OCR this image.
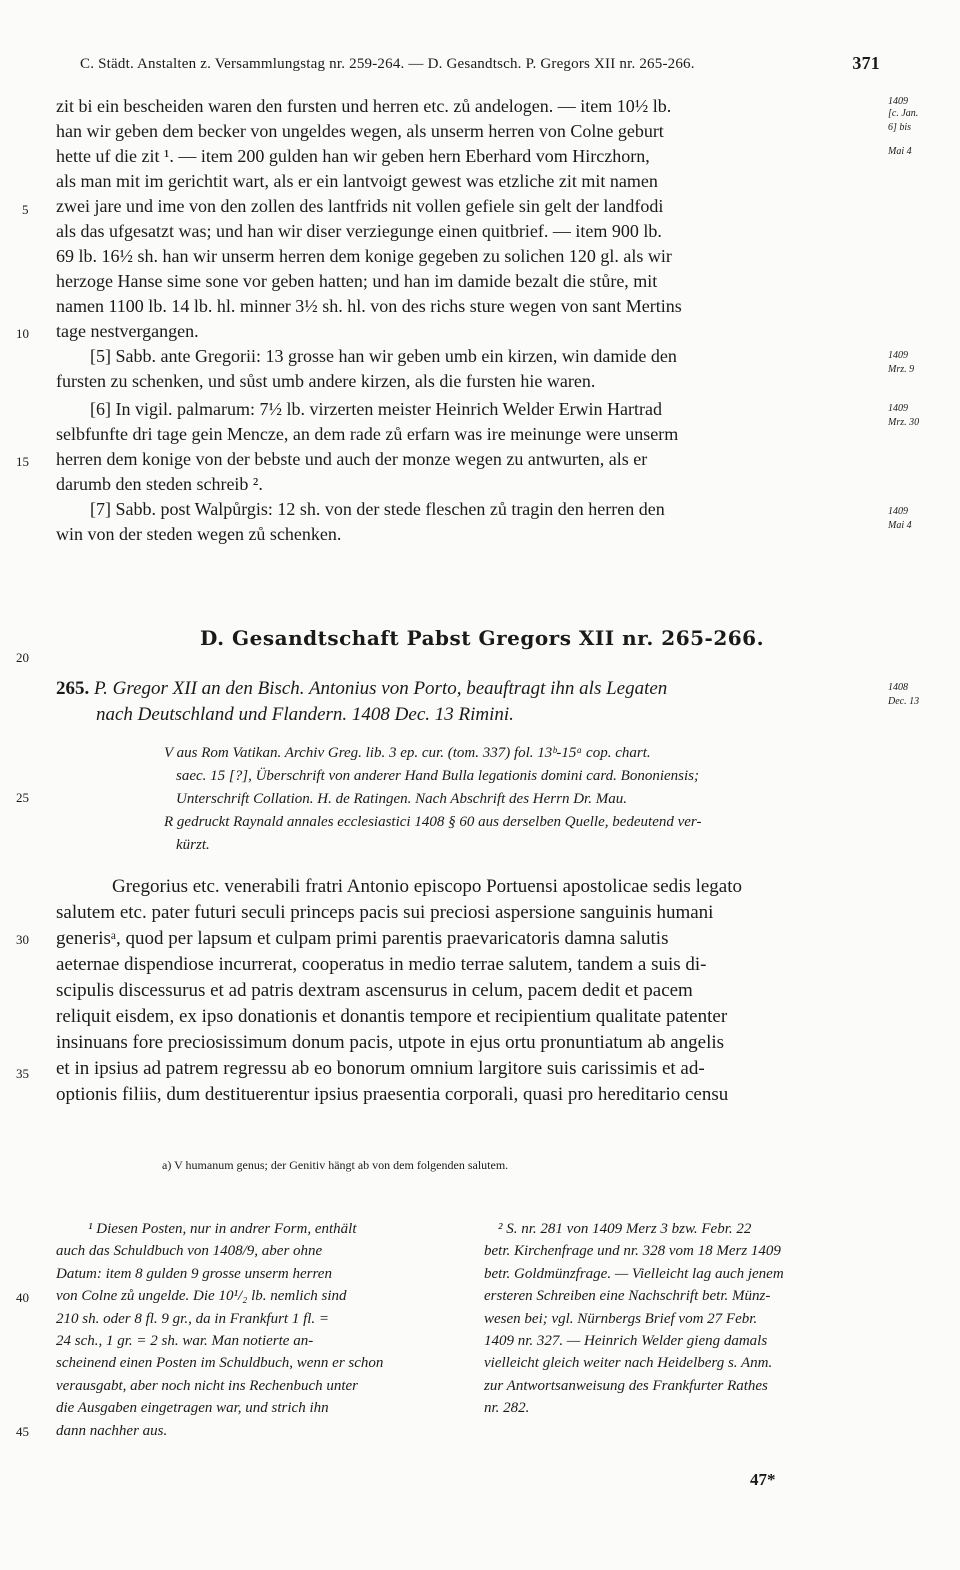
C. Städt. Anstalten z. Versammlungstag nr. 259-264. — D. Gesandtsch. P. Gregors XII nr. 265-266.	371
zit bi ein bescheiden waren den fursten und herren etc. zů andelogen. — item 10½ lb.
han wir geben dem becker von ungeldes wegen, als unserm herren von Colne geburt
hette uf die zit ¹. — item 200 gulden han wir geben hern Eberhard vom Hirczhorn,
als man mit im gerichtit wart, als er ein lantvoigt gewest was etzliche zit mit namen
zwei jare und ime von den zollen des lantfrids nit vollen gefiele sin gelt der landfodi
als das ufgesatzt was; und han wir diser verziegunge einen quitbrief. — item 900 lb.
69 lb. 16½ sh. han wir unserm herren dem konige gegeben zu solichen 120 gl. als wir
herzoge Hanse sime sone vor geben hatten; und han im damide bezalt die stůre, mit
namen 1100 lb. 14 lb. hl. minner 3½ sh. hl. von des richs sture wegen von sant Mertins
tage nestvergangen.
[5] Sabb. ante Gregorii: 13 grosse han wir geben umb ein kirzen, win damide den
fursten zu schenken, und sůst umb andere kirzen, als die fursten hie waren.
[6] In vigil. palmarum: 7½ lb. virzerten meister Heinrich Welder Erwin Hartrad
selbfunfte dri tage gein Mencze, an dem rade zů erfarn was ire meinunge were unserm
herren dem konige von der bebste und auch der monze wegen zu antwurten, als er
darumb den steden schreib ².
[7] Sabb. post Walpůrgis: 12 sh. von der stede fleschen zů tragin den herren den
win von der steden wegen zů schenken.
5
10
15
20
25
30
35
40
45
1409
[c. Jan.
6] bis
Mai 4
1409
Mrz. 9
1409
Mrz. 30
1409
Mai 4
D. Gesandtschaft Pabst Gregors XII nr. 265-266.
265. P. Gregor XII an den Bisch. Antonius von Porto, beauftragt ihn als Legaten
nach Deutschland und Flandern. 1408 Dec. 13 Rimini.
1408
Dec. 13
V aus Rom Vatikan. Archiv Greg. lib. 3 ep. cur. (tom. 337) fol. 13ᵇ-15ᵃ cop. chart.
saec. 15 [?], Überschrift von anderer Hand Bulla legationis domini card. Bononiensis;
Unterschrift Collation. H. de Ratingen. Nach Abschrift des Herrn Dr. Mau.
R gedruckt Raynald annales ecclesiastici 1408 § 60 aus derselben Quelle, bedeutend ver-
kürzt.
Gregorius etc. venerabili fratri Antonio episcopo Portuensi apostolicae sedis legato
salutem etc. pater futuri seculi princeps pacis sui preciosi aspersione sanguinis humani
generisᵃ, quod per lapsum et culpam primi parentis praevaricatoris damna salutis
aeternae dispendiose incurrerat, cooperatus in medio terrae salutem, tandem a suis di-
scipulis discessurus et ad patris dextram ascensurus in celum, pacem dedit et pacem
reliquit eisdem, ex ipso donationis et donantis tempore et recipientium qualitate patenter
insinuans fore preciosissimum donum pacis, utpote in ejus ortu pronuntiatum ab angelis
et in ipsius ad patrem regressu ab eo bonorum omnium largitore suis carissimis et ad-
optionis filiis, dum destituerentur ipsius praesentia corporali, quasi pro hereditario censu
a) V humanum genus; der Genitiv hängt ab von dem folgenden salutem.
¹ Diesen Posten, nur in andrer Form, enthält
auch das Schuldbuch von 1408/9, aber ohne
Datum: item 8 gulden 9 grosse unserm herren
von Colne zů ungelde. Die 10¹/₂ lb. nemlich sind
210 sh. oder 8 fl. 9 gr., da in Frankfurt 1 fl. =
24 sch., 1 gr. = 2 sh. war. Man notierte an-
scheinend einen Posten im Schuldbuch, wenn er schon
verausgabt, aber noch nicht ins Rechenbuch unter
die Ausgaben eingetragen war, und strich ihn
dann nachher aus.
² S. nr. 281 von 1409 Merz 3 bzw. Febr. 22
betr. Kirchenfrage und nr. 328 vom 18 Merz 1409
betr. Goldmünzfrage. — Vielleicht lag auch jenem
ersteren Schreiben eine Nachschrift betr. Münz-
wesen bei; vgl. Nürnbergs Brief vom 27 Febr.
1409 nr. 327. — Heinrich Welder gieng damals
vielleicht gleich weiter nach Heidelberg s. Anm.
zur Antwortsanweisung des Frankfurter Rathes
nr. 282.
47*
